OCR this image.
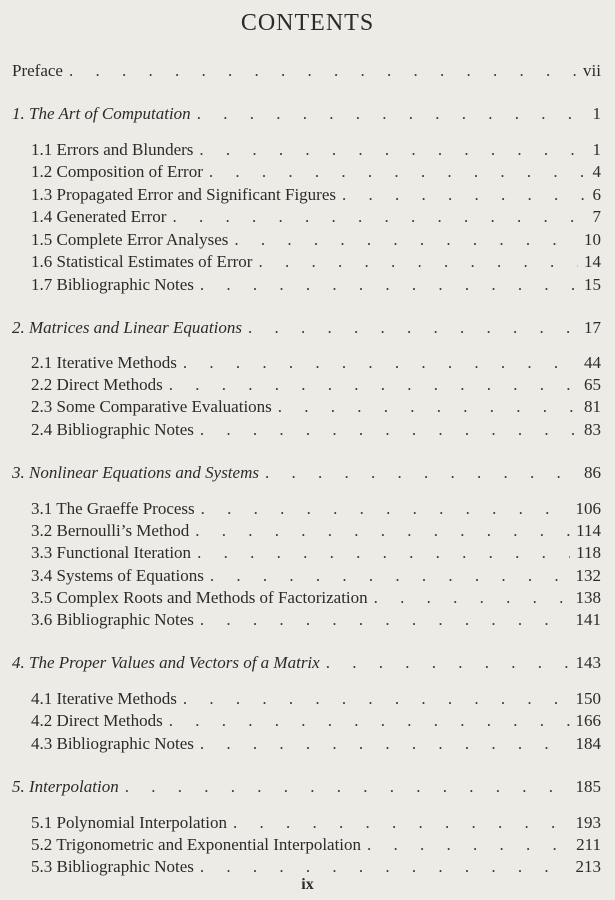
CONTENTS
Preface . . .	vii
1. The Art of Computation . . .	1
1.1 Errors and Blunders . . .	1
1.2 Composition of Error . . .	4
1.3 Propagated Error and Significant Figures . . .	6
1.4 Generated Error . . .	7
1.5 Complete Error Analyses . . .	10
1.6 Statistical Estimates of Error . . .	14
1.7 Bibliographic Notes . . .	15
2. Matrices and Linear Equations . . .	17
2.1 Iterative Methods . . .	44
2.2 Direct Methods . . .	65
2.3 Some Comparative Evaluations . . .	81
2.4 Bibliographic Notes . . .	83
3. Nonlinear Equations and Systems . . .	86
3.1 The Graeffe Process . . .	106
3.2 Bernoulli’s Method . . .	114
3.3 Functional Iteration . . .	118
3.4 Systems of Equations . . .	132
3.5 Complex Roots and Methods of Factorization . . .	138
3.6 Bibliographic Notes . . .	141
4. The Proper Values and Vectors of a Matrix . . .	143
4.1 Iterative Methods . . .	150
4.2 Direct Methods . . .	166
4.3 Bibliographic Notes . . .	184
5. Interpolation . . .	185
5.1 Polynomial Interpolation . . .	193
5.2 Trigonometric and Exponential Interpolation . . .	211
5.3 Bibliographic Notes . . .	213
ix
